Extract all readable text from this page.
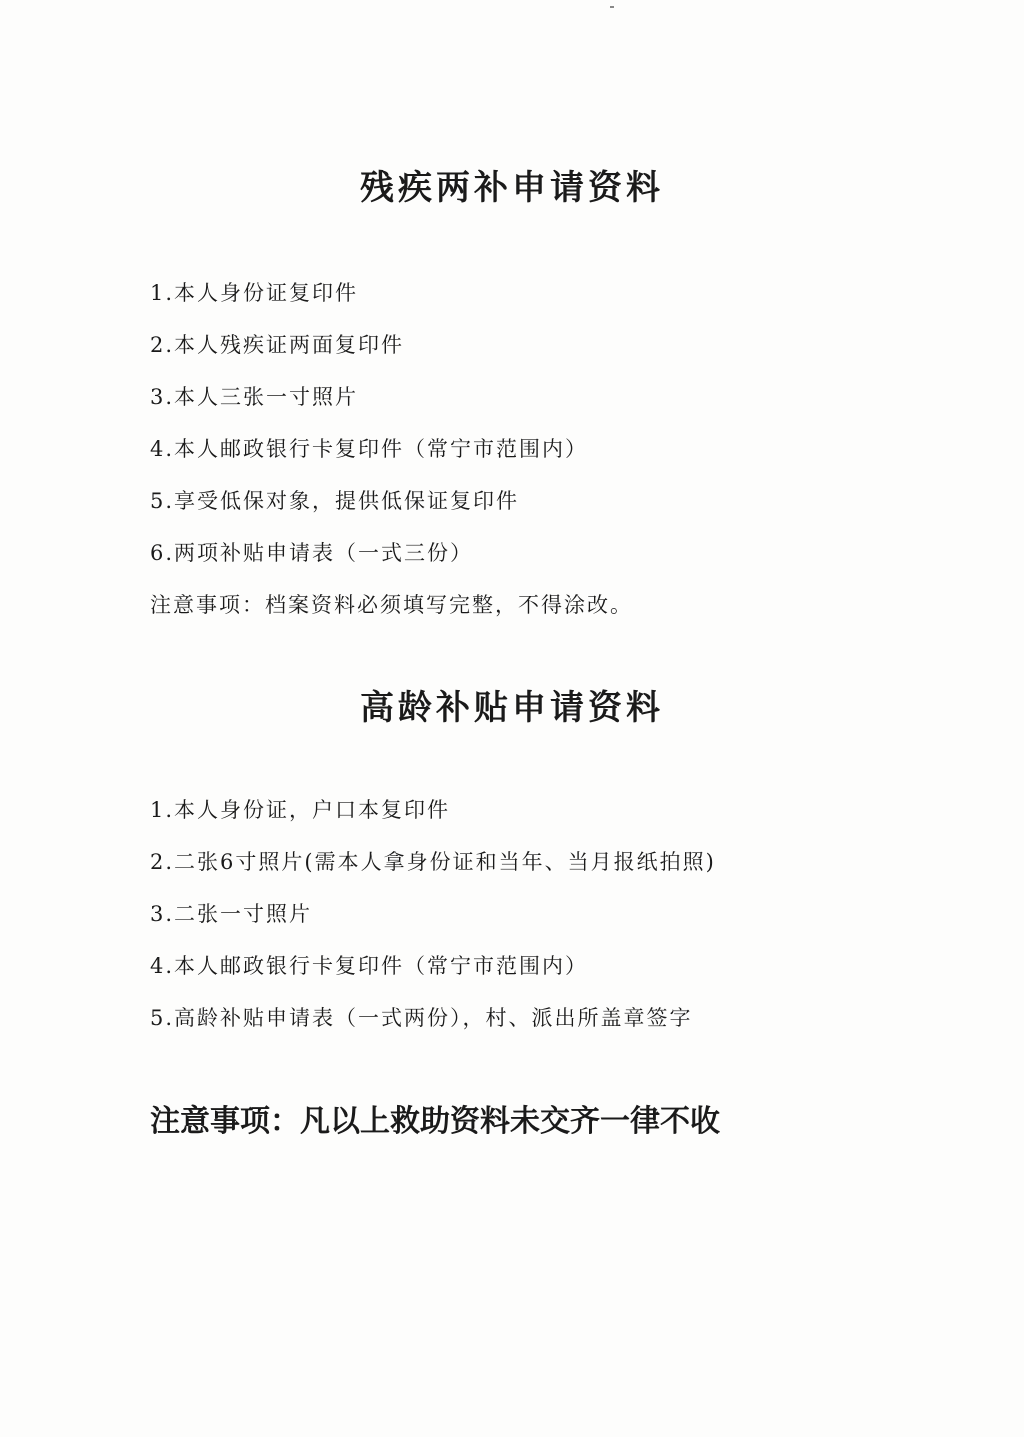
残疾两补申请资料
1.本人身份证复印件
2.本人残疾证两面复印件
3.本人三张一寸照片
4.本人邮政银行卡复印件（常宁市范围内）
5.享受低保对象，提供低保证复印件
6.两项补贴申请表（一式三份）
注意事项：档案资料必须填写完整，不得涂改。
高龄补贴申请资料
1.本人身份证，户口本复印件
2.二张6寸照片(需本人拿身份证和当年、当月报纸拍照)
3.二张一寸照片
4.本人邮政银行卡复印件（常宁市范围内）
5.高龄补贴申请表（一式两份），村、派出所盖章签字

注意事项：凡以上救助资料未交齐一律不收
